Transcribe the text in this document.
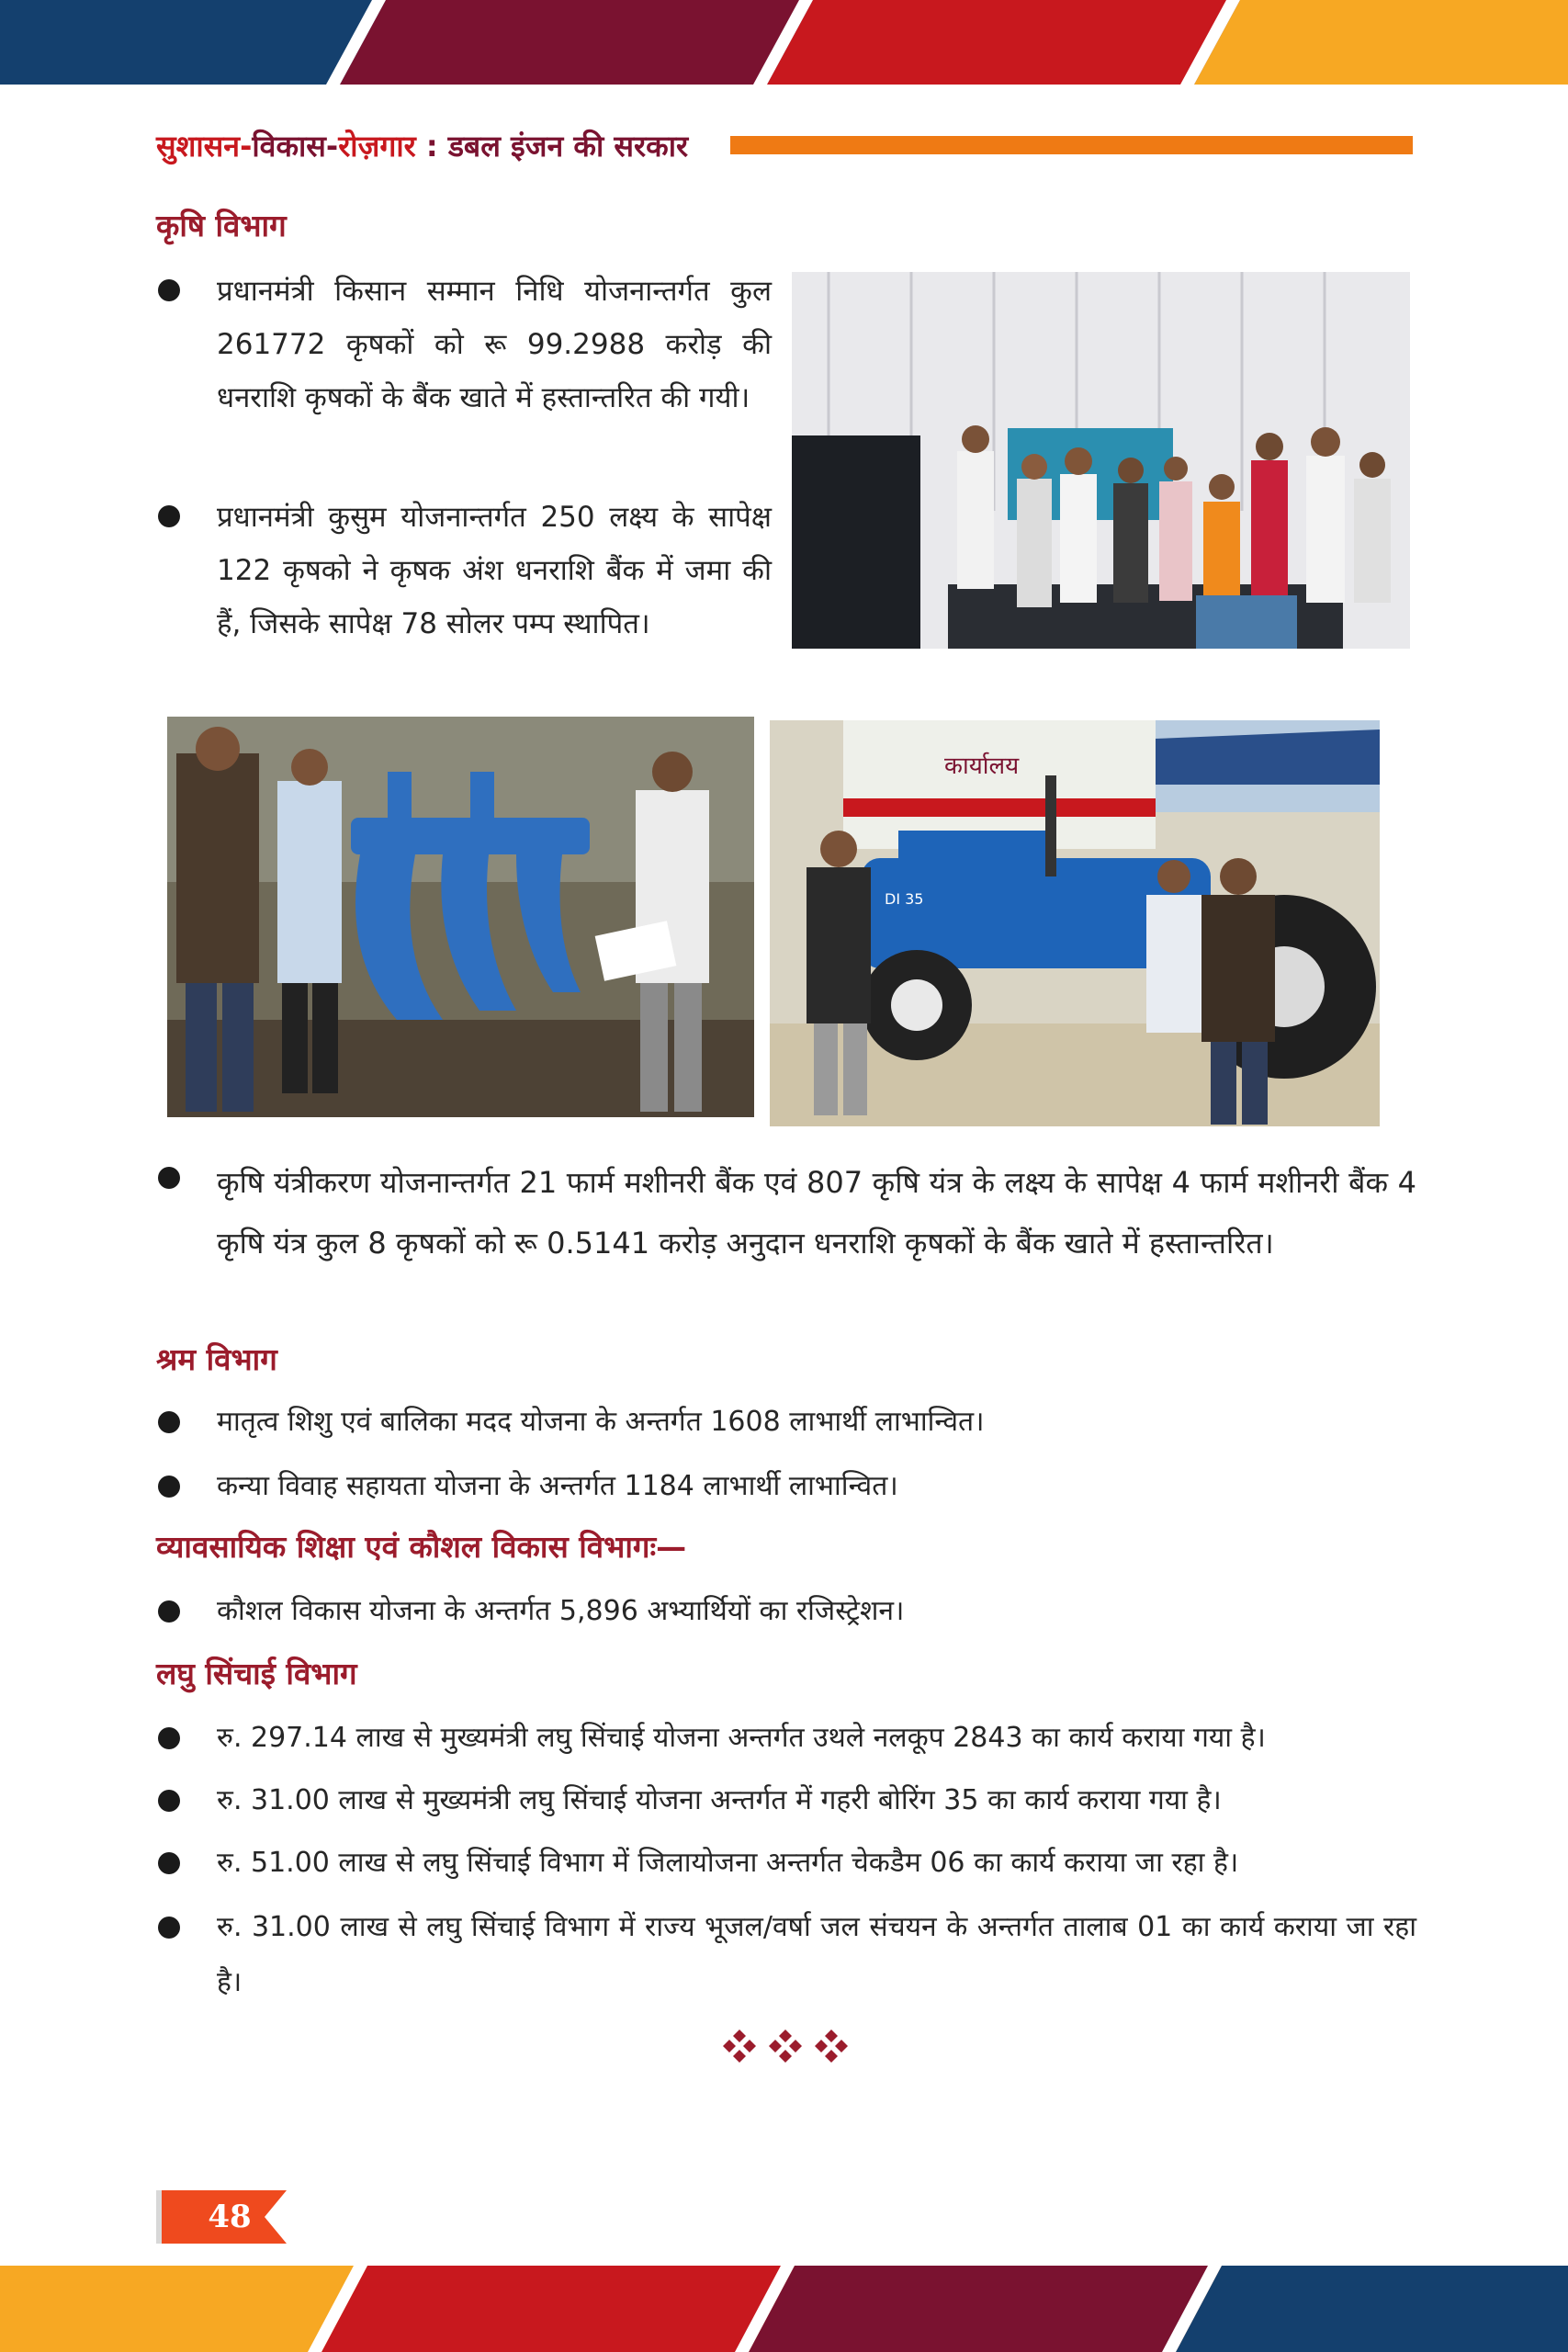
सुशासन-विकास-रोज़गार : डबल इंजन की सरकार
कृषि विभाग
प्रधानमंत्री किसान सम्मान निधि योजनान्तर्गत कुल 261772 कृषकों को रू 99.2988 करोड़ की धनराशि कृषकों के बैंक खाते में हस्तान्तरित की गयी।
प्रधानमंत्री कुसुम योजनान्तर्गत 250 लक्ष्य के सापेक्ष 122 कृषको ने कृषक अंश धनराशि बैंक में जमा की हैं, जिसके सापेक्ष 78 सोलर पम्प स्थापित।
कार्यालय
DI 35
कृषि यंत्रीकरण योजनान्तर्गत 21 फार्म मशीनरी बैंक एवं 807 कृषि यंत्र के लक्ष्य के सापेक्ष 4 फार्म मशीनरी बैंक 4 कृषि यंत्र कुल 8 कृषकों को रू 0.5141 करोड़ अनुदान धनराशि कृषकों के बैंक खाते में हस्तान्तरित।
श्रम विभाग
मातृत्व शिशु एवं बालिका मदद योजना के अन्तर्गत 1608 लाभार्थी लाभान्वित।
कन्या विवाह सहायता योजना के अन्तर्गत 1184 लाभार्थी लाभान्वित।
व्यावसायिक शिक्षा एवं कौशल विकास विभागः—
कौशल विकास योजना के अन्तर्गत 5,896 अभ्यार्थियों का रजिस्ट्रेशन।
लघु सिंचाई विभाग
रु. 297.14 लाख से मुख्यमंत्री लघु सिंचाई योजना अन्तर्गत उथले नलकूप 2843 का कार्य कराया गया है।
रु. 31.00 लाख से मुख्यमंत्री लघु सिंचाई योजना अन्तर्गत में गहरी बोरिंग 35 का कार्य कराया गया है।
रु. 51.00 लाख से लघु सिंचाई विभाग में जिलायोजना अन्तर्गत चेकडैम 06 का कार्य कराया जा रहा है।
रु. 31.00 लाख से लघु सिंचाई विभाग में राज्य भूजल/वर्षा जल संचयन के अन्तर्गत तालाब 01 का कार्य कराया जा रहा है।
48
